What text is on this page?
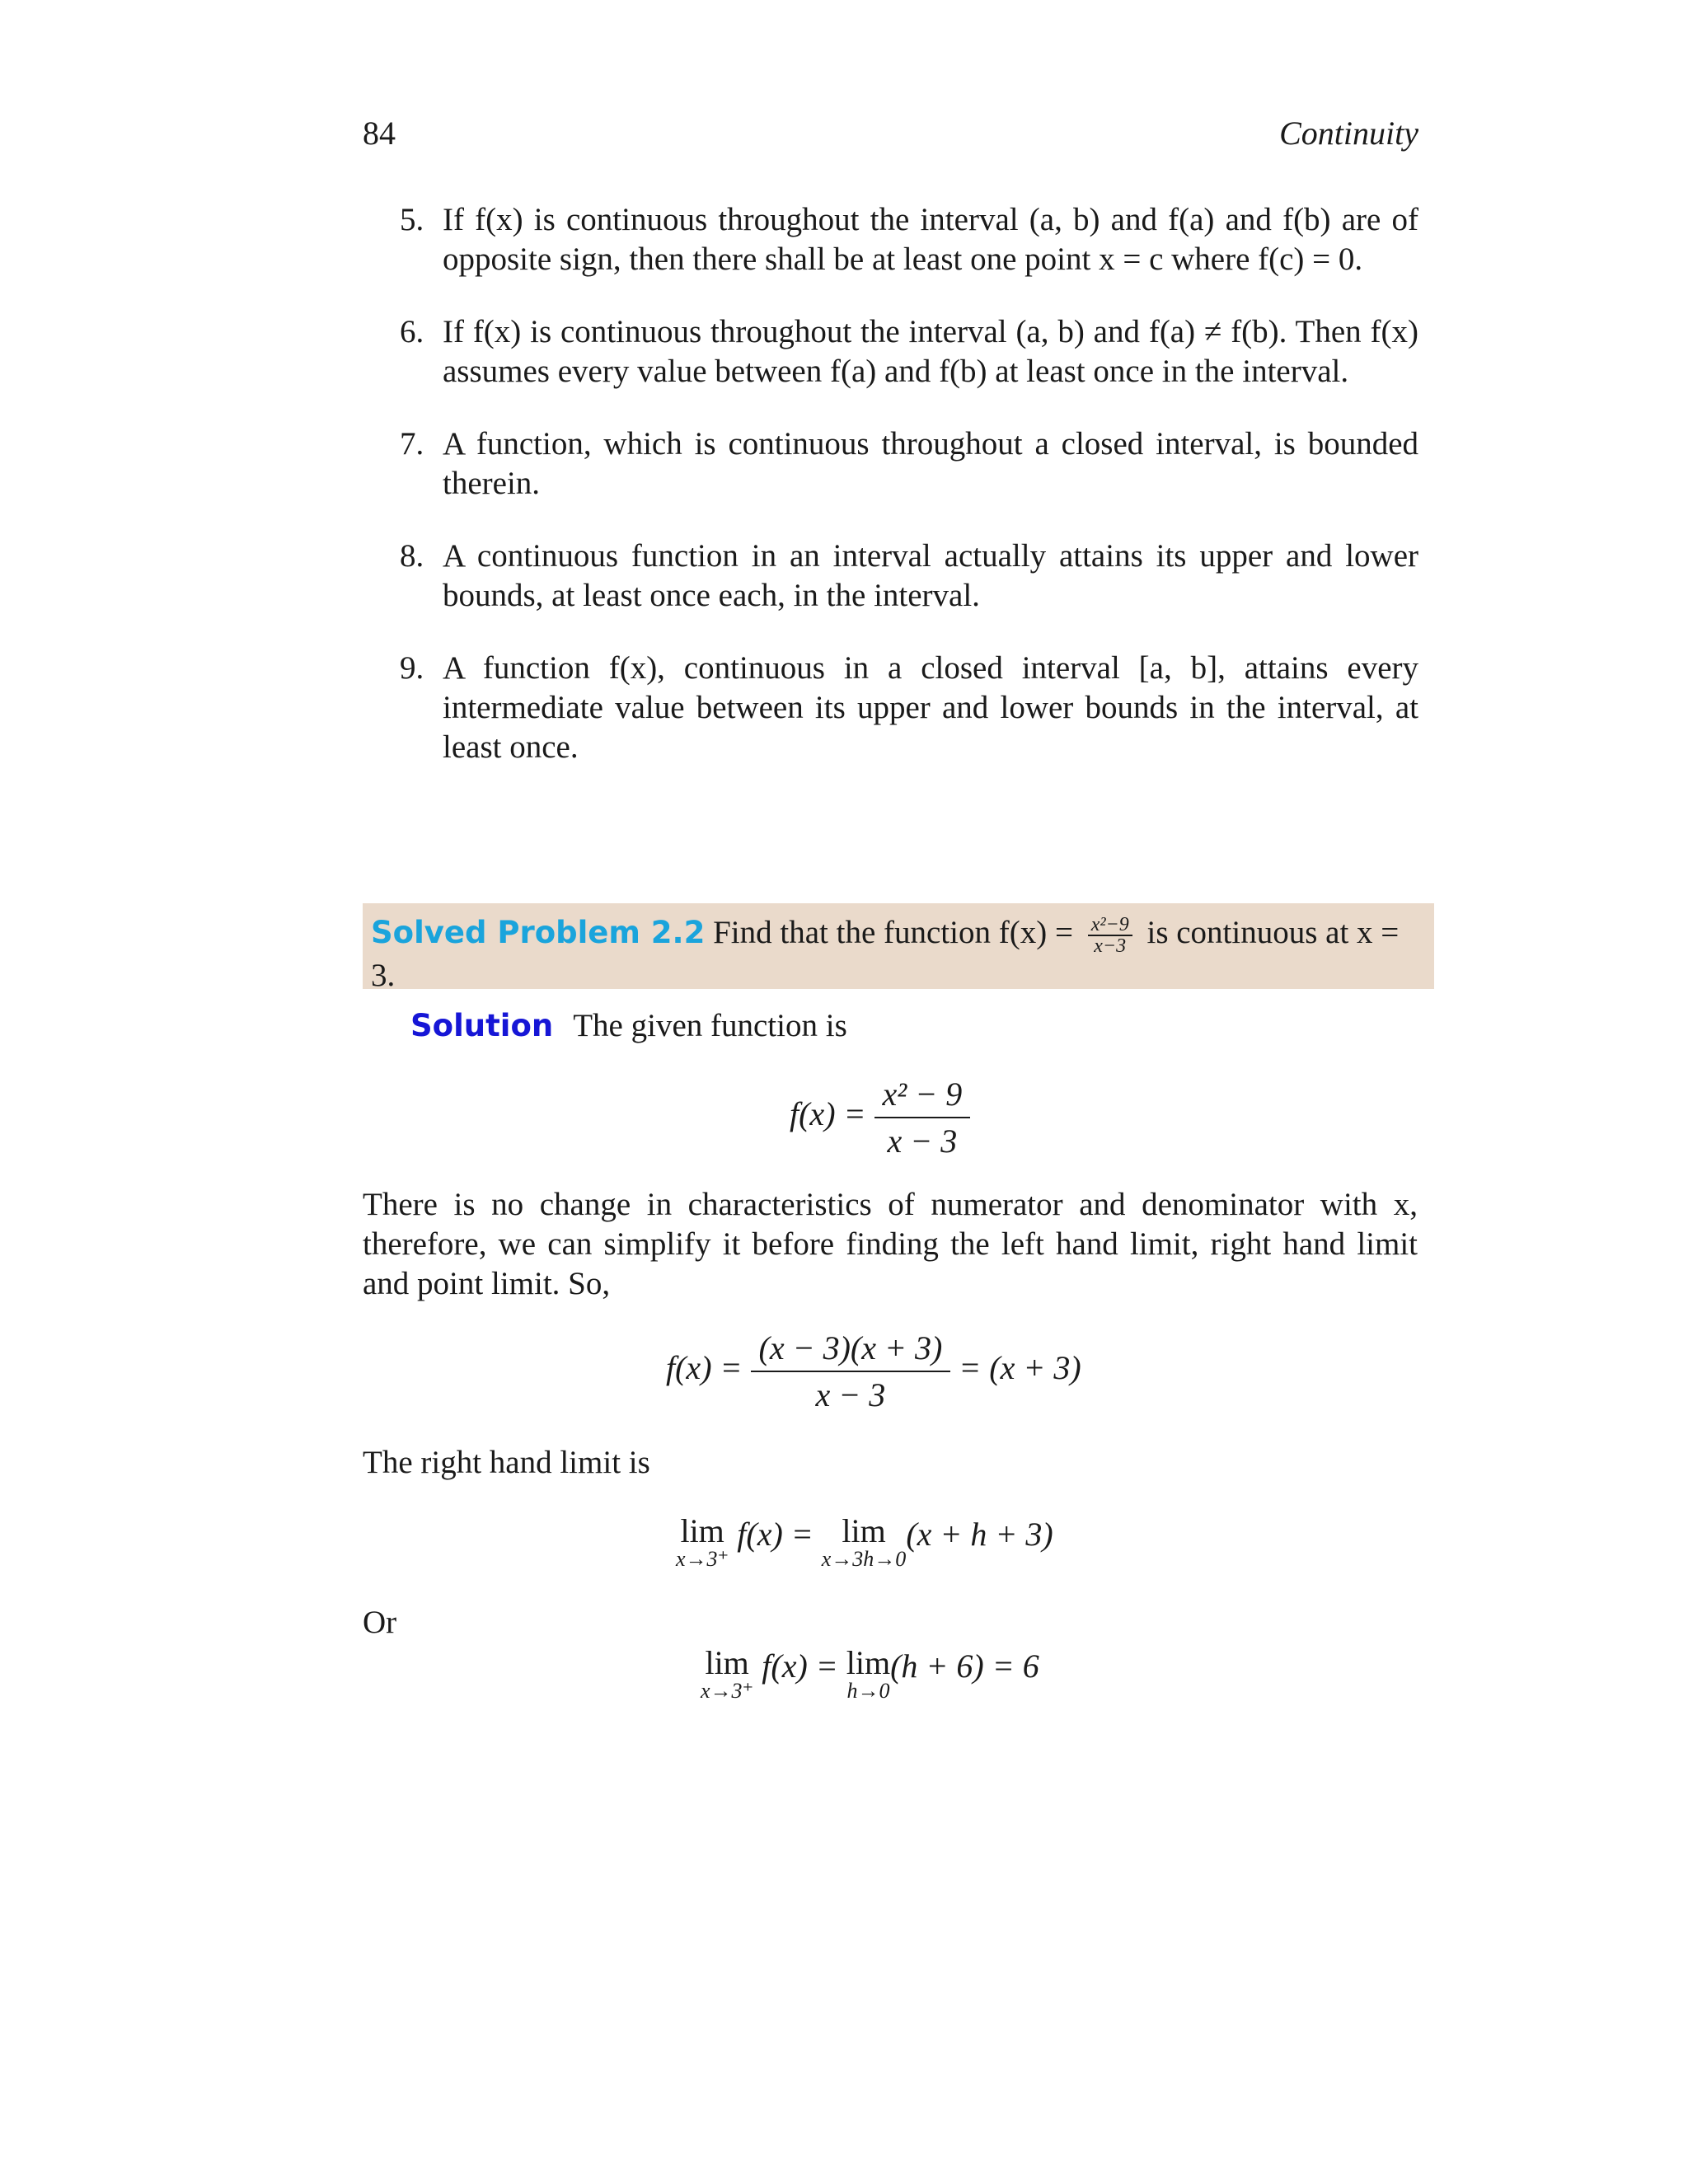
84	Continuity
5. If f(x) is continuous throughout the interval (a, b) and f(a) and f(b) are of opposite sign, then there shall be at least one point x = c where f(c) = 0.
6. If f(x) is continuous throughout the interval (a, b) and f(a) ≠ f(b). Then f(x) assumes every value between f(a) and f(b) at least once in the interval.
7. A function, which is continuous throughout a closed interval, is bounded therein.
8. A continuous function in an interval actually attains its upper and lower bounds, at least once each, in the interval.
9. A function f(x), continuous in a closed interval [a, b], attains every intermediate value between its upper and lower bounds in the interval, at least once.
Solved Problem 2.2 Find that the function $f(x) = \frac{\text{x²−9}}{x-3}$ is continuous at x = 3.
Solution The given function is
$f(x) = \frac{\text{x² − 9}}{x - 3}$
There is no change in characteristics of numerator and denominator with x, therefore, we can simplify it before finding the left hand limit, right hand limit and point limit. So,
$f(x) = \frac{(x - 3)(x + 3)}{x - 3} = (x + 3)$
The right hand limit is
lim
x→3⁺
f(x) = lim
x→3h→0
(x + h + 3)
Or
lim
x→3⁺
f(x) = lim
h→0
(h + 6) = 6
